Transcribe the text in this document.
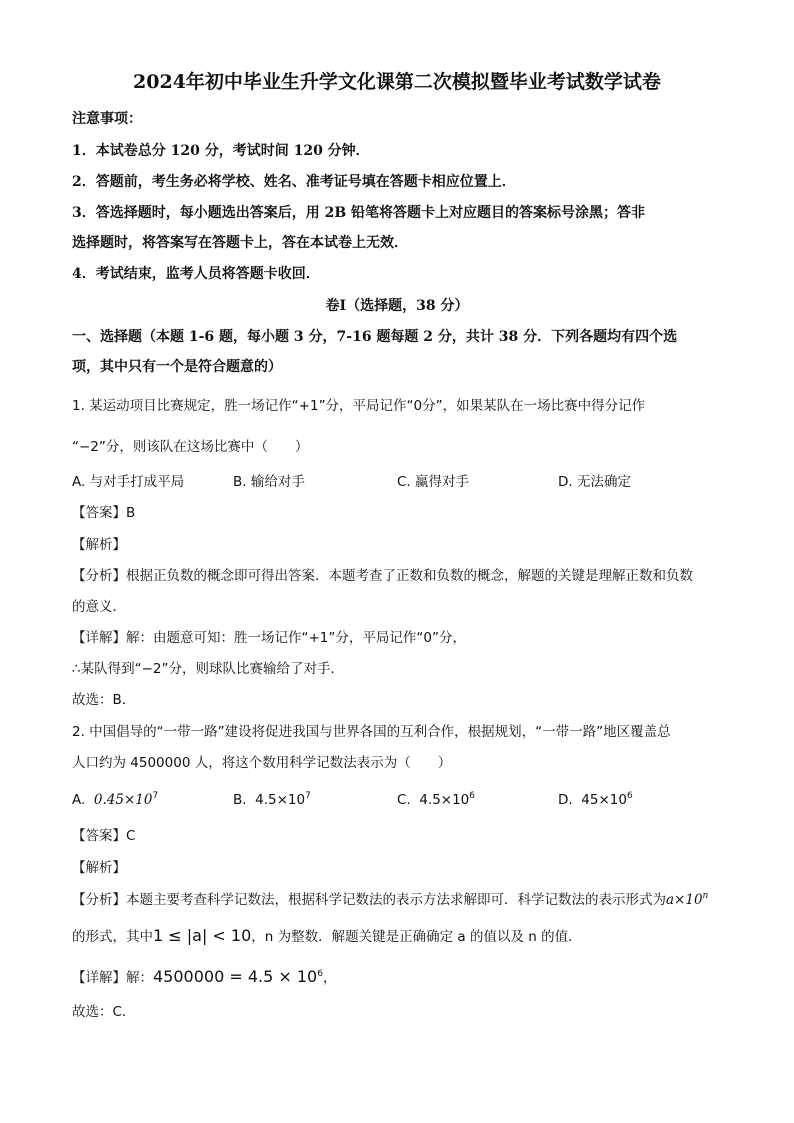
2024年初中毕业生升学文化课第二次模拟暨毕业考试数学试卷
注意事项：
1．本试卷总分 120 分，考试时间 120 分钟．
2．答题前，考生务必将学校、姓名、准考证号填在答题卡相应位置上．
3．答选择题时，每小题选出答案后，用 2B 铅笔将答题卡上对应题目的答案标号涂黑；答非
选择题时，将答案写在答题卡上，答在本试卷上无效．
4．考试结束，监考人员将答题卡收回．
卷Ⅰ（选择题，38 分）
一、选择题（本题 1-6 题，每小题 3 分，7-16 题每题 2 分，共计 38 分．下列各题均有四个选
项，其中只有一个是符合题意的）
1. 某运动项目比赛规定，胜一场记作“+1”分，平局记作“0分”，如果某队在一场比赛中得分记作
“−2”分，则该队在这场比赛中（　　）
A. 与对手打成平局	B. 输给对手	C. 赢得对手	D. 无法确定
【答案】B
【解析】
【分析】根据正负数的概念即可得出答案．本题考查了正数和负数的概念，解题的关键是理解正数和负数
的意义．
【详解】解：由题意可知：胜一场记作“+1”分，平局记作“0”分，
∴某队得到“−2”分，则球队比赛输给了对手．
故选：B．
2. 中国倡导的“一带一路”建设将促进我国与世界各国的互利合作，根据规划，“一带一路”地区覆盖总
人口约为 4500000 人，将这个数用科学记数法表示为（　　）
A. $0.45\times 10^7$	B. $4.5\times 10^7$	C. $4.5\times 10^6$	D. $45\times 10^6$
【答案】C
【解析】
【分析】本题主要考查科学记数法，根据科学记数法的表示方法求解即可．科学记数法的表示形式为$a\times 10^n$
的形式，其中1 ≤ |a| < 10，n 为整数．解题关键是正确确定 a 的值以及 n 的值．
【详解】解：$4500000 = 4.5 \times 10^6$，
故选：C．
